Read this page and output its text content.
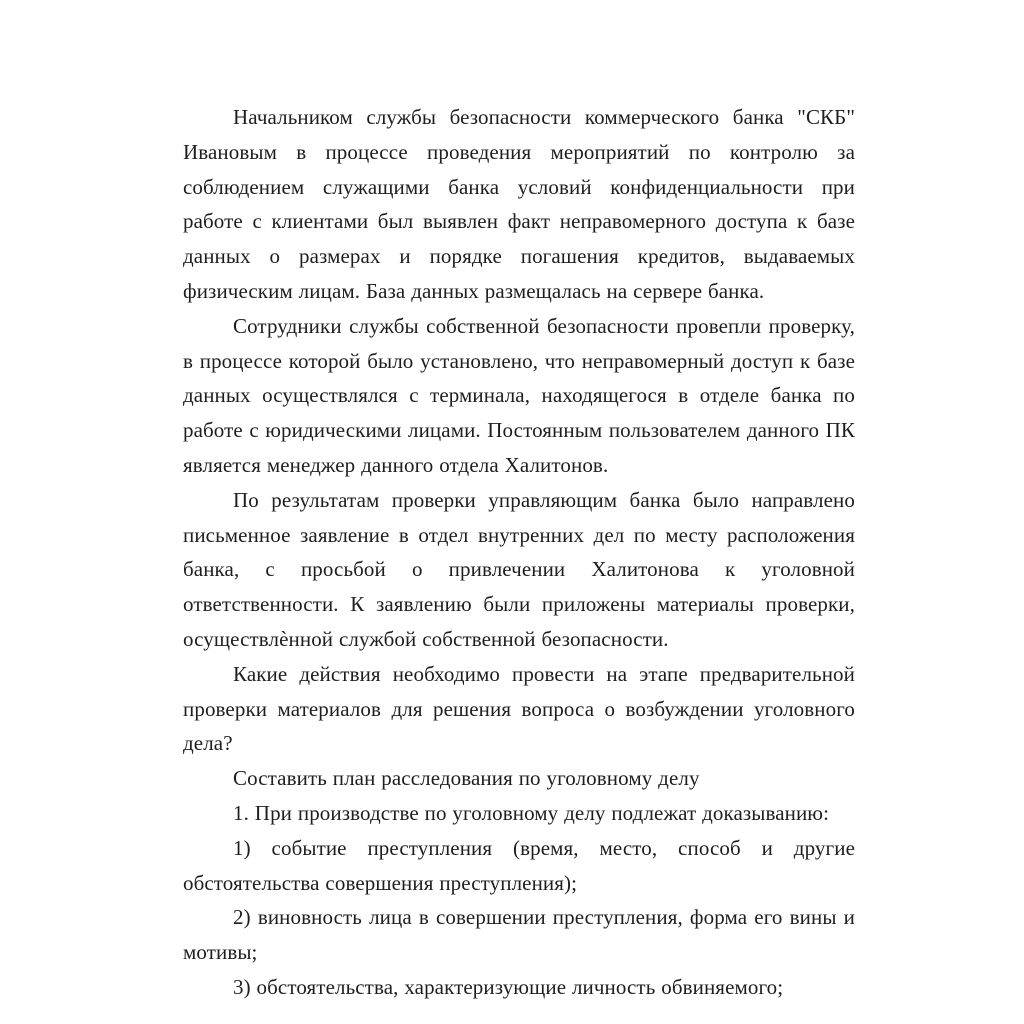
Начальником службы безопасности коммерческого банка "СКБ" Ивановым в процессе проведения мероприятий по контролю за соблюдением служащими банка условий конфиденциальности при работе с клиентами был выявлен факт неправомерного доступа к базе данных о размерах и порядке погашения кредитов, выдаваемых физическим лицам. База данных размещалась на сервере банка.

Сотрудники службы собственной безопасности провепли проверку, в процессе которой было установлено, что неправомерный доступ к базе данных осуществлялся с терминала, находящегося в отделе банка по работе с юридическими лицами. Постоянным пользователем данного ПК является менеджер данного отдела Халитонов.

По результатам проверки управляющим банка было направлено письменное заявление в отдел внутренних дел по месту расположения банка, с просьбой о привлечении Халитонова к уголовной ответственности. К заявлению были приложены материалы проверки, осуществлѐнной службой собственной безопасности.

Какие действия необходимо провести на этапе предварительной проверки материалов для решения вопроса о возбуждении уголовного дела?

Составить план расследования по уголовному делу

1. При производстве по уголовному делу подлежат доказыванию:

1) событие преступления (время, место, способ и другие обстоятельства совершения преступления);

2) виновность лица в совершении преступления, форма его вины и мотивы;

3) обстоятельства, характеризующие личность обвиняемого;
